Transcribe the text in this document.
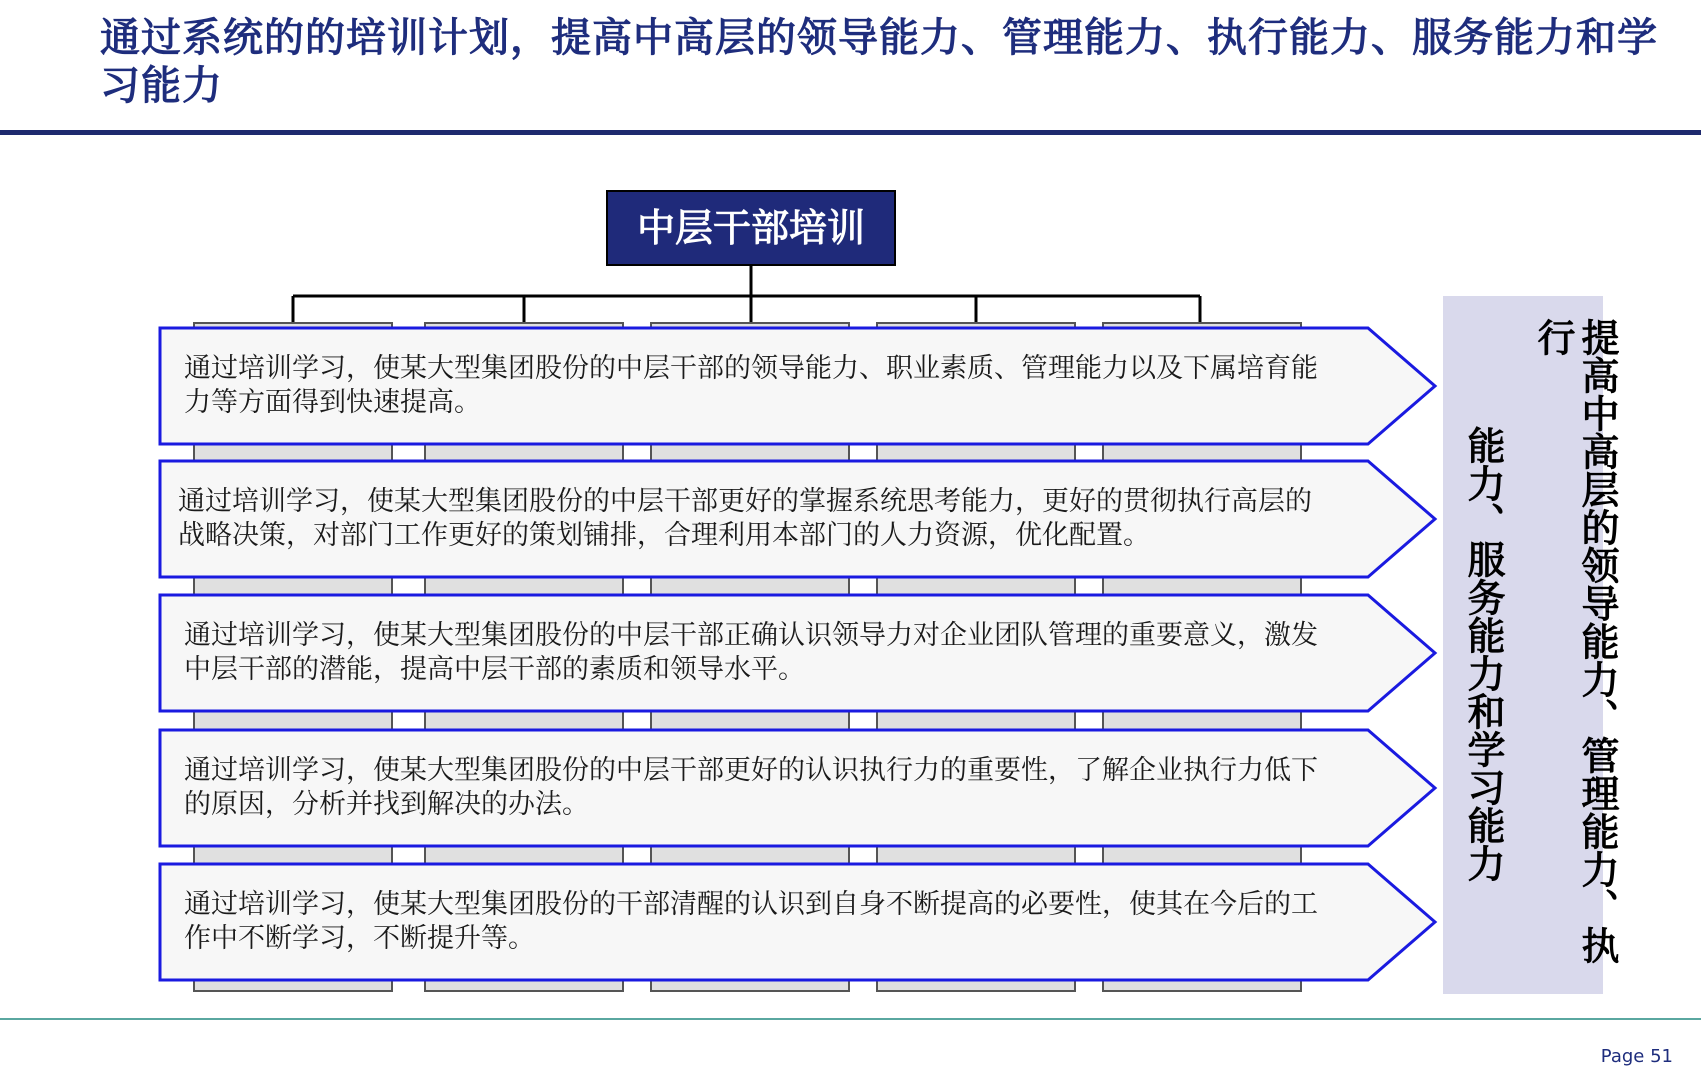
通过系统的的培训计划，提高中高层的领导能力、管理能力、执行能力、服务能力和学习能力
中层干部培训
通过培训学习，使某大型集团股份的中层干部的领导能力、职业素质、管理能力以及下属培育能力等方面得到快速提高。
通过培训学习，使某大型集团股份的中层干部更好的掌握系统思考能力，更好的贯彻执行高层的战略决策，对部门工作更好的策划铺排，合理利用本部门的人力资源，优化配置。
通过培训学习，使某大型集团股份的中层干部正确认识领导力对企业团队管理的重要意义，激发中层干部的潜能，提高中层干部的素质和领导水平。
通过培训学习，使某大型集团股份的中层干部更好的认识执行力的重要性，了解企业执行力低下的原因，分析并找到解决的办法。
通过培训学习，使某大型集团股份的干部清醒的认识到自身不断提高的必要性，使其在今后的工作中不断学习，不断提升等。	提高中高层的领导能力、管理能力、执行
能力、服务能力和学习能力
Page 51
